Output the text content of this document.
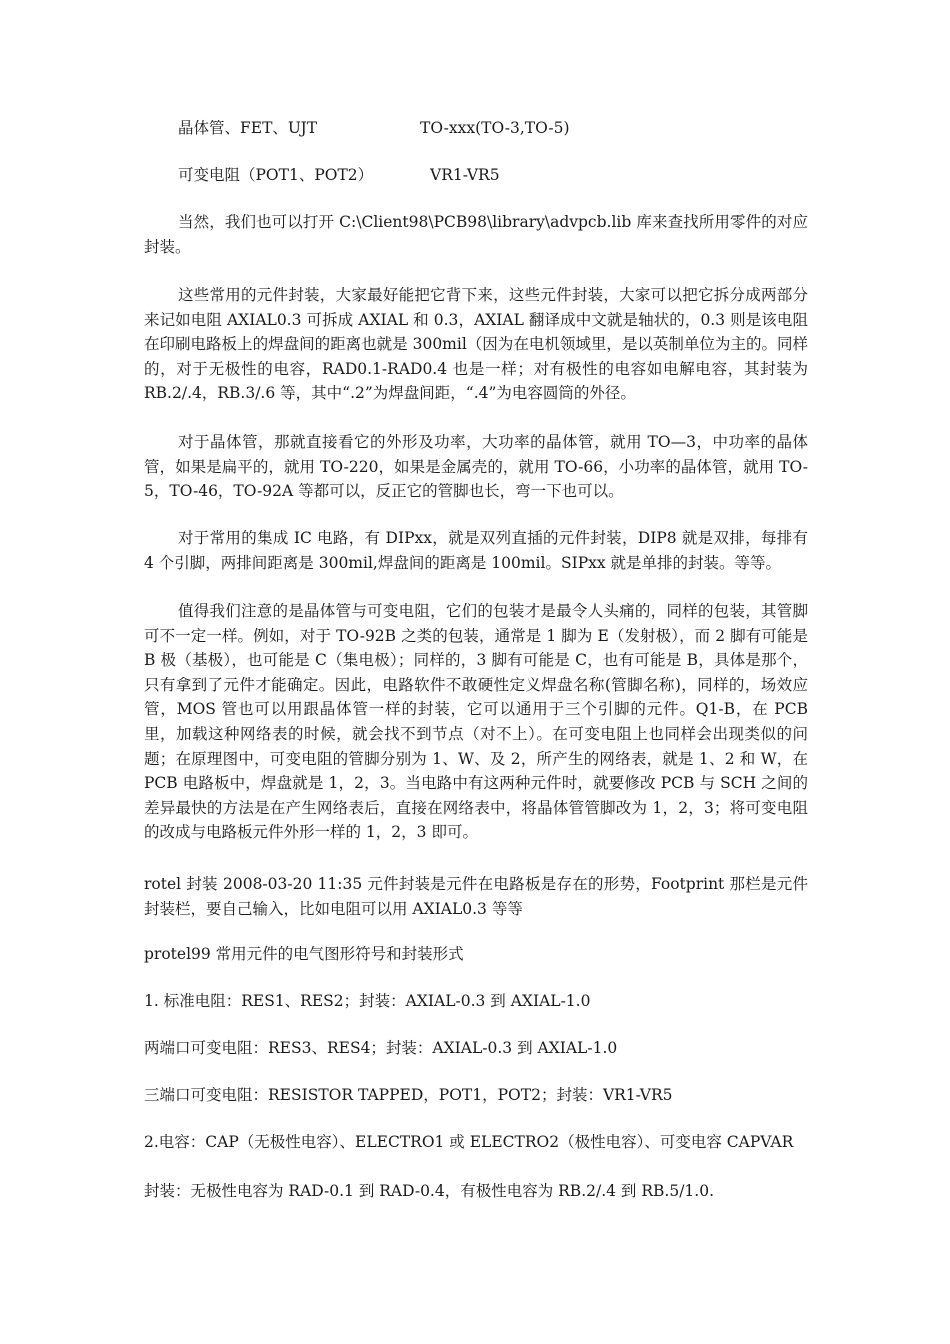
晶体管、FET、UJT	TO-xxx(TO-3,TO-5)
可变电阻（POT1、POT2）	VR1-VR5
当然，我们也可以打开 C:\Client98\PCB98\library\advpcb.lib 库来查找所用零件的对应封装。
这些常用的元件封装，大家最好能把它背下来，这些元件封装，大家可以把它拆分成两部分来记如电阻 AXIAL0.3 可拆成 AXIAL 和 0.3，AXIAL 翻译成中文就是轴状的，0.3 则是该电阻在印刷电路板上的焊盘间的距离也就是 300mil（因为在电机领域里，是以英制单位为主的。同样的，对于无极性的电容，RAD0.1-RAD0.4 也是一样；对有极性的电容如电解电容，其封装为 RB.2/.4，RB.3/.6 等，其中“.2”为焊盘间距，“.4”为电容圆筒的外径。
对于晶体管，那就直接看它的外形及功率，大功率的晶体管，就用 TO—3，中功率的晶体管，如果是扁平的，就用 TO-220，如果是金属壳的，就用 TO-66，小功率的晶体管，就用 TO-5，TO-46，TO-92A 等都可以，反正它的管脚也长，弯一下也可以。
对于常用的集成 IC 电路，有 DIPxx，就是双列直插的元件封装，DIP8 就是双排，每排有 4 个引脚，两排间距离是 300mil,焊盘间的距离是 100mil。SIPxx 就是单排的封装。等等。
值得我们注意的是晶体管与可变电阻，它们的包装才是最令人头痛的，同样的包装，其管脚可不一定一样。例如，对于 TO-92B 之类的包装，通常是 1 脚为 E（发射极），而 2 脚有可能是 B 极（基极），也可能是 C（集电极）；同样的，3 脚有可能是 C，也有可能是 B，具体是那个，只有拿到了元件才能确定。因此，电路软件不敢硬性定义焊盘名称(管脚名称)，同样的，场效应管，MOS 管也可以用跟晶体管一样的封装，它可以通用于三个引脚的元件。Q1-B，在 PCB 里，加载这种网络表的时候，就会找不到节点（对不上）。在可变电阻上也同样会出现类似的问题；在原理图中，可变电阻的管脚分别为 1、W、及 2，所产生的网络表，就是 1、2 和 W，在 PCB 电路板中，焊盘就是 1，2，3。当电路中有这两种元件时，就要修改 PCB 与 SCH 之间的差异最快的方法是在产生网络表后，直接在网络表中，将晶体管管脚改为 1，2，3；将可变电阻的改成与电路板元件外形一样的 1，2，3 即可。
rotel 封装 2008-03-20 11:35 元件封装是元件在电路板是存在的形势，Footprint 那栏是元件封装栏，要自己输入，比如电阻可以用 AXIAL0.3 等等
protel99 常用元件的电气图形符号和封装形式
1. 标准电阻：RES1、RES2；封装：AXIAL-0.3 到 AXIAL-1.0
两端口可变电阻：RES3、RES4；封装：AXIAL-0.3 到 AXIAL-1.0
三端口可变电阻：RESISTOR TAPPED，POT1，POT2；封装：VR1-VR5
2.电容：CAP（无极性电容）、ELECTRO1 或 ELECTRO2（极性电容）、可变电容 CAPVAR
封装：无极性电容为 RAD-0.1 到 RAD-0.4，有极性电容为 RB.2/.4 到 RB.5/1.0.
